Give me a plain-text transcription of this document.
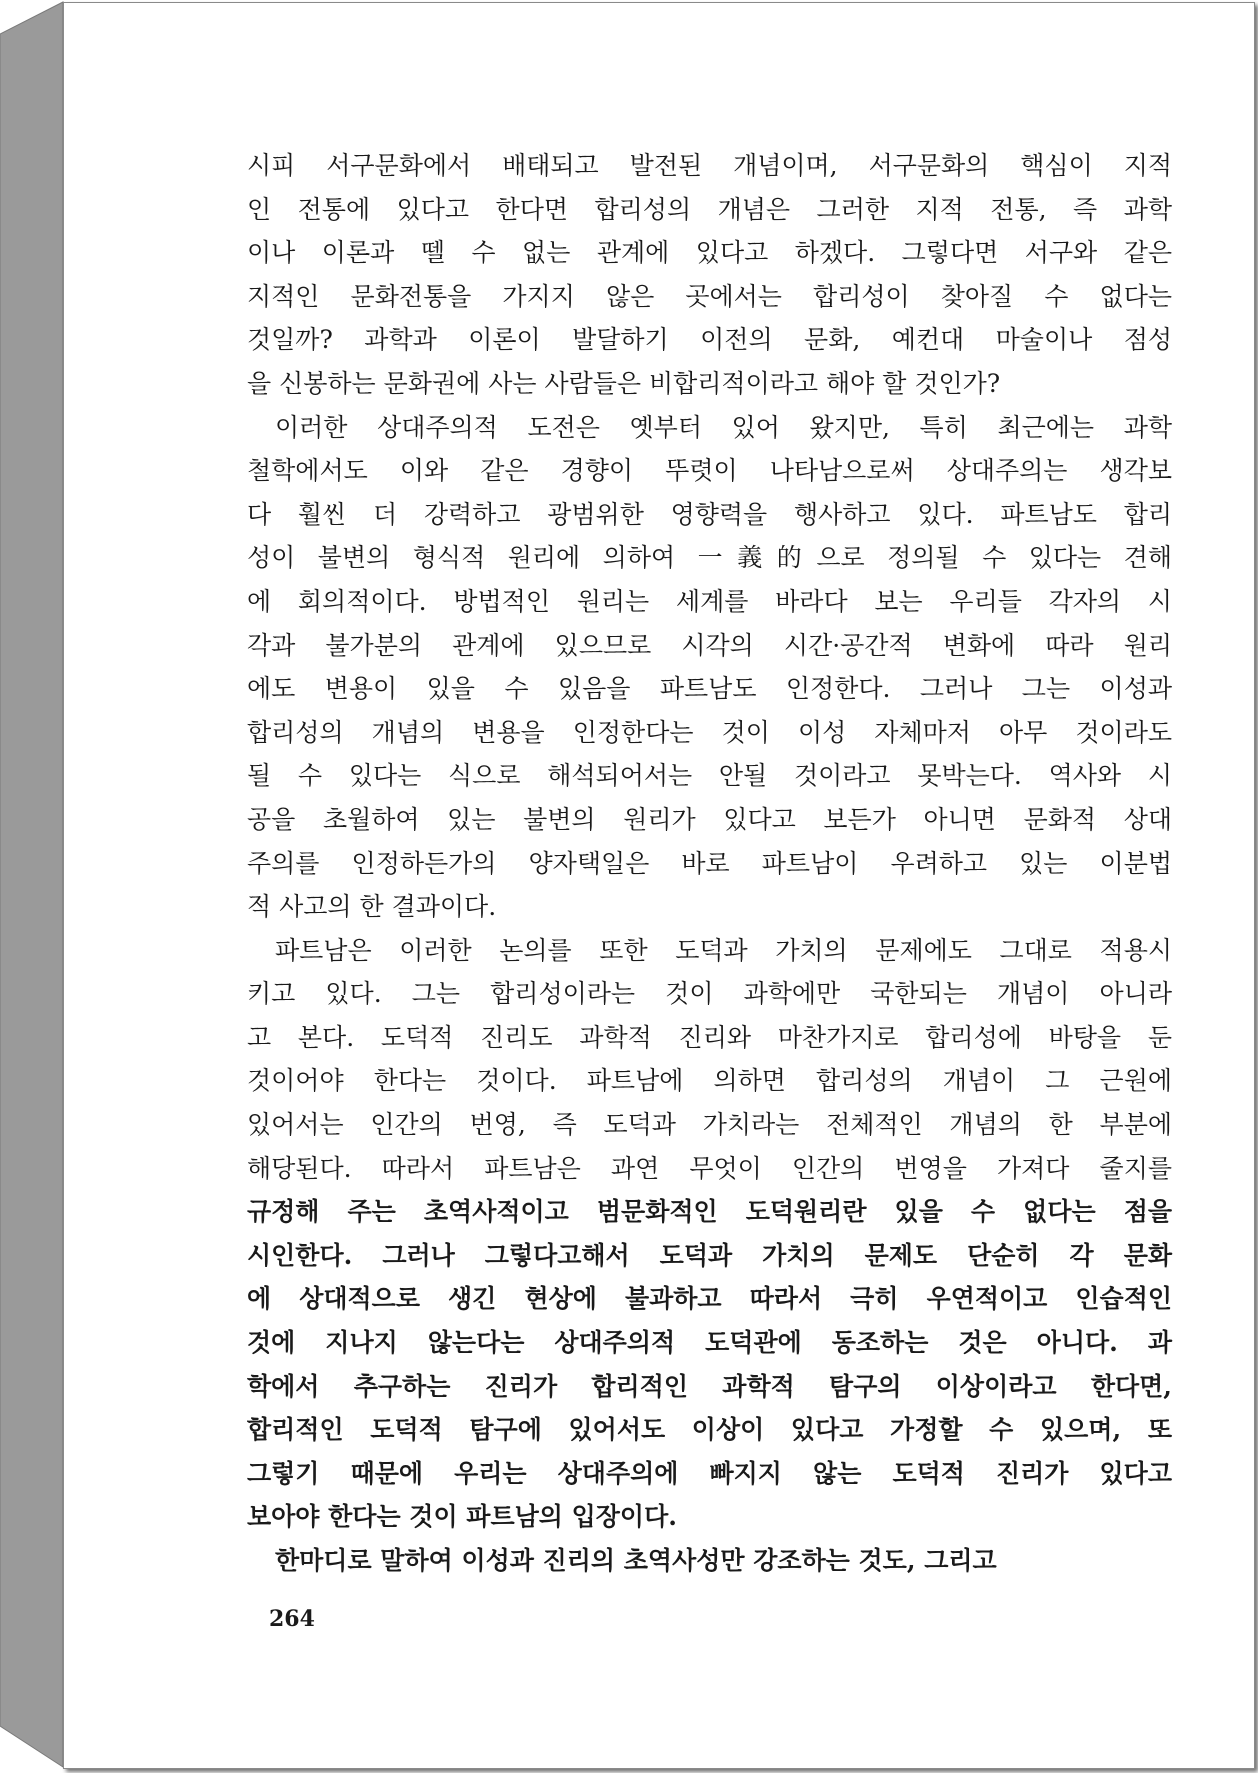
시피 서구문화에서 배태되고 발전된 개념이며, 서구문화의 핵심이 지적
인 전통에 있다고 한다면 합리성의 개념은 그러한 지적 전통, 즉 과학
이나 이론과 뗄 수 없는 관계에 있다고 하겠다. 그렇다면 서구와 같은
지적인 문화전통을 가지지 않은 곳에서는 합리성이 찾아질 수 없다는
것일까? 과학과 이론이 발달하기 이전의 문화, 예컨대 마술이나 점성
을 신봉하는 문화권에 사는 사람들은 비합리적이라고 해야 할 것인가?
이러한 상대주의적 도전은 옛부터 있어 왔지만, 특히 최근에는 과학
철학에서도 이와 같은 경향이 뚜렷이 나타남으로써 상대주의는 생각보
다 훨씬 더 강력하고 광범위한 영향력을 행사하고 있다. 파트남도 합리
성이 불변의 형식적 원리에 의하여 一義的으로 정의될 수 있다는 견해
에 회의적이다. 방법적인 원리는 세계를 바라다 보는 우리들 각자의 시
각과 불가분의 관계에 있으므로 시각의 시간·공간적 변화에 따라 원리
에도 변용이 있을 수 있음을 파트남도 인정한다. 그러나 그는 이성과
합리성의 개념의 변용을 인정한다는 것이 이성 자체마저 아무 것이라도
될 수 있다는 식으로 해석되어서는 안될 것이라고 못박는다. 역사와 시
공을 초월하여 있는 불변의 원리가 있다고 보든가 아니면 문화적 상대
주의를 인정하든가의 양자택일은 바로 파트남이 우려하고 있는 이분법
적 사고의 한 결과이다.
파트남은 이러한 논의를 또한 도덕과 가치의 문제에도 그대로 적용시
키고 있다. 그는 합리성이라는 것이 과학에만 국한되는 개념이 아니라
고 본다. 도덕적 진리도 과학적 진리와 마찬가지로 합리성에 바탕을 둔
것이어야 한다는 것이다. 파트남에 의하면 합리성의 개념이 그 근원에
있어서는 인간의 번영, 즉 도덕과 가치라는 전체적인 개념의 한 부분에
해당된다. 따라서 파트남은 과연 무엇이 인간의 번영을 가져다 줄지를
규정해 주는 초역사적이고 범문화적인 도덕원리란 있을 수 없다는 점을
시인한다. 그러나 그렇다고해서 도덕과 가치의 문제도 단순히 각 문화
에 상대적으로 생긴 현상에 불과하고 따라서 극히 우연적이고 인습적인
것에 지나지 않는다는 상대주의적 도덕관에 동조하는 것은 아니다. 과
학에서 추구하는 진리가 합리적인 과학적 탐구의 이상이라고 한다면,
합리적인 도덕적 탐구에 있어서도 이상이 있다고 가정할 수 있으며, 또
그렇기 때문에 우리는 상대주의에 빠지지 않는 도덕적 진리가 있다고
보아야 한다는 것이 파트남의 입장이다.
한마디로 말하여 이성과 진리의 초역사성만 강조하는 것도, 그리고
264
